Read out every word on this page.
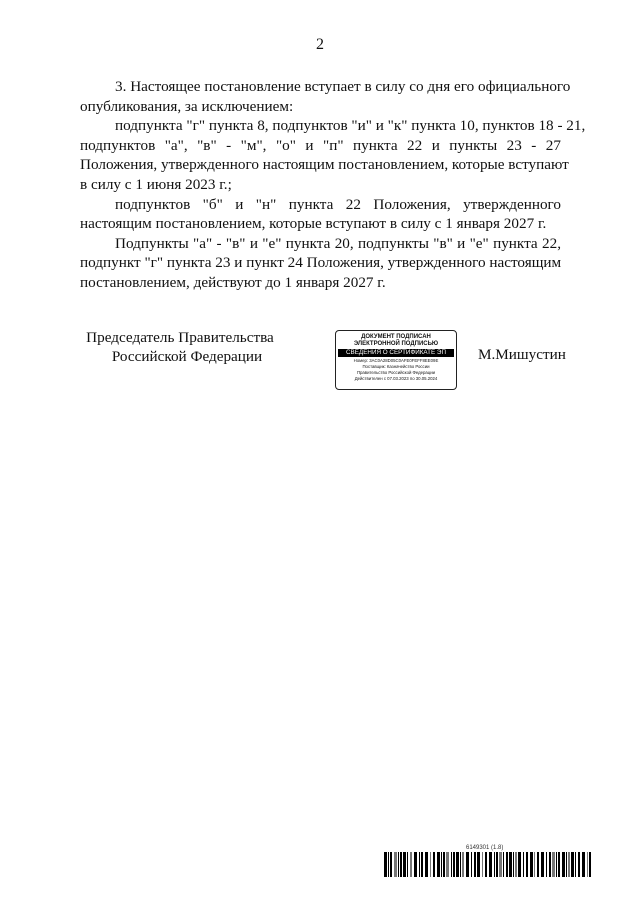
2
3. Настоящее постановление вступает в силу со дня его официального
опубликования, за исключением:
подпункта "г" пункта 8, подпунктов "и" и "к" пункта 10, пунктов 18 - 21,
подпунктов "а", "в" - "м", "о" и "п" пункта 22 и пункты 23 - 27
Положения, утвержденного настоящим постановлением, которые вступают
в силу с 1 июня 2023 г.;
подпунктов "б" и "н" пункта 22 Положения, утвержденного
настоящим постановлением, которые вступают в силу с 1 января 2027 г.
Подпункты "а" - "в" и "е" пункта 20, подпункты "в" и "е" пункта 22,
подпункт "г" пункта 23 и пункт 24 Положения, утвержденного настоящим
постановлением, действуют до 1 января 2027 г.
Председатель Правительства
Российской Федерации
ДОКУМЕНТ ПОДПИСАН
ЭЛЕКТРОННОЙ ПОДПИСЬЮ
СВЕДЕНИЯ О СЕРТИФИКАТЕ ЭП
Номер: 3AC0A28D05C0AFE0FEFF8EE09E
Поставщик: Казначейство России
Правительство Российской Федерации
Действителен с 07.03.2023 по 30.05.2024
М.Мишустин
6149301 (1.8)
